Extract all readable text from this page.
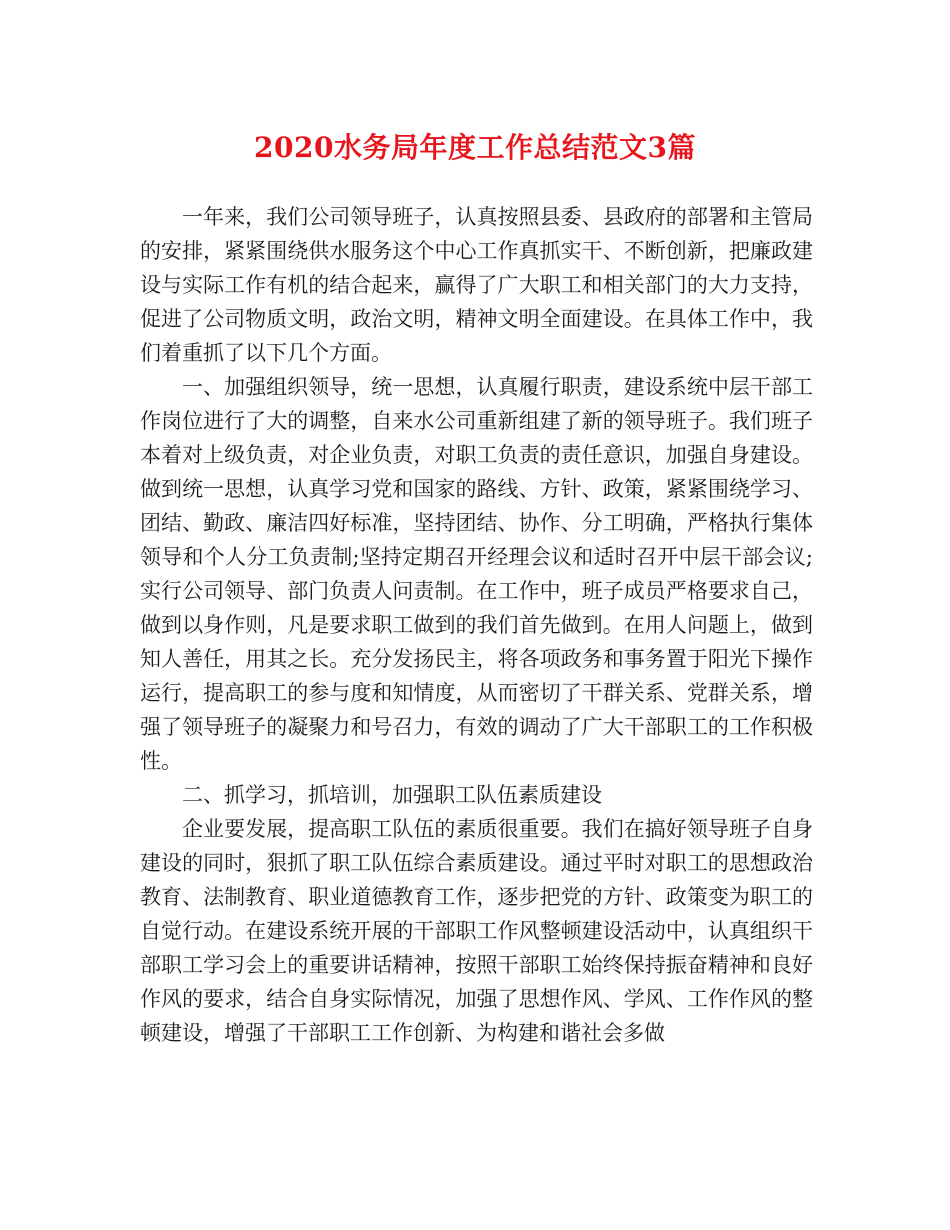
2020水务局年度工作总结范文3篇

一年来，我们公司领导班子，认真按照县委、县政府的部署和主管局的安排，紧紧围绕供水服务这个中心工作真抓实干、不断创新，把廉政建设与实际工作有机的结合起来，赢得了广大职工和相关部门的大力支持，促进了公司物质文明，政治文明，精神文明全面建设。在具体工作中，我们着重抓了以下几个方面。

一、加强组织领导，统一思想，认真履行职责，建设系统中层干部工作岗位进行了大的调整，自来水公司重新组建了新的领导班子。我们班子本着对上级负责，对企业负责，对职工负责的责任意识，加强自身建设。做到统一思想，认真学习党和国家的路线、方针、政策，紧紧围绕学习、团结、勤政、廉洁四好标准，坚持团结、协作、分工明确，严格执行集体领导和个人分工负责制;坚持定期召开经理会议和适时召开中层干部会议;实行公司领导、部门负责人问责制。在工作中，班子成员严格要求自己，做到以身作则，凡是要求职工做到的我们首先做到。在用人问题上，做到知人善任，用其之长。充分发扬民主，将各项政务和事务置于阳光下操作运行，提高职工的参与度和知情度，从而密切了干群关系、党群关系，增强了领导班子的凝聚力和号召力，有效的调动了广大干部职工的工作积极性。

二、抓学习，抓培训，加强职工队伍素质建设

企业要发展，提高职工队伍的素质很重要。我们在搞好领导班子自身建设的同时，狠抓了职工队伍综合素质建设。通过平时对职工的思想政治教育、法制教育、职业道德教育工作，逐步把党的方针、政策变为职工的自觉行动。在建设系统开展的干部职工作风整顿建设活动中，认真组织干部职工学习会上的重要讲话精神，按照干部职工始终保持振奋精神和良好作风的要求，结合自身实际情况，加强了思想作风、学风、工作作风的整顿建设，增强了干部职工工作创新、为构建和谐社会多做
